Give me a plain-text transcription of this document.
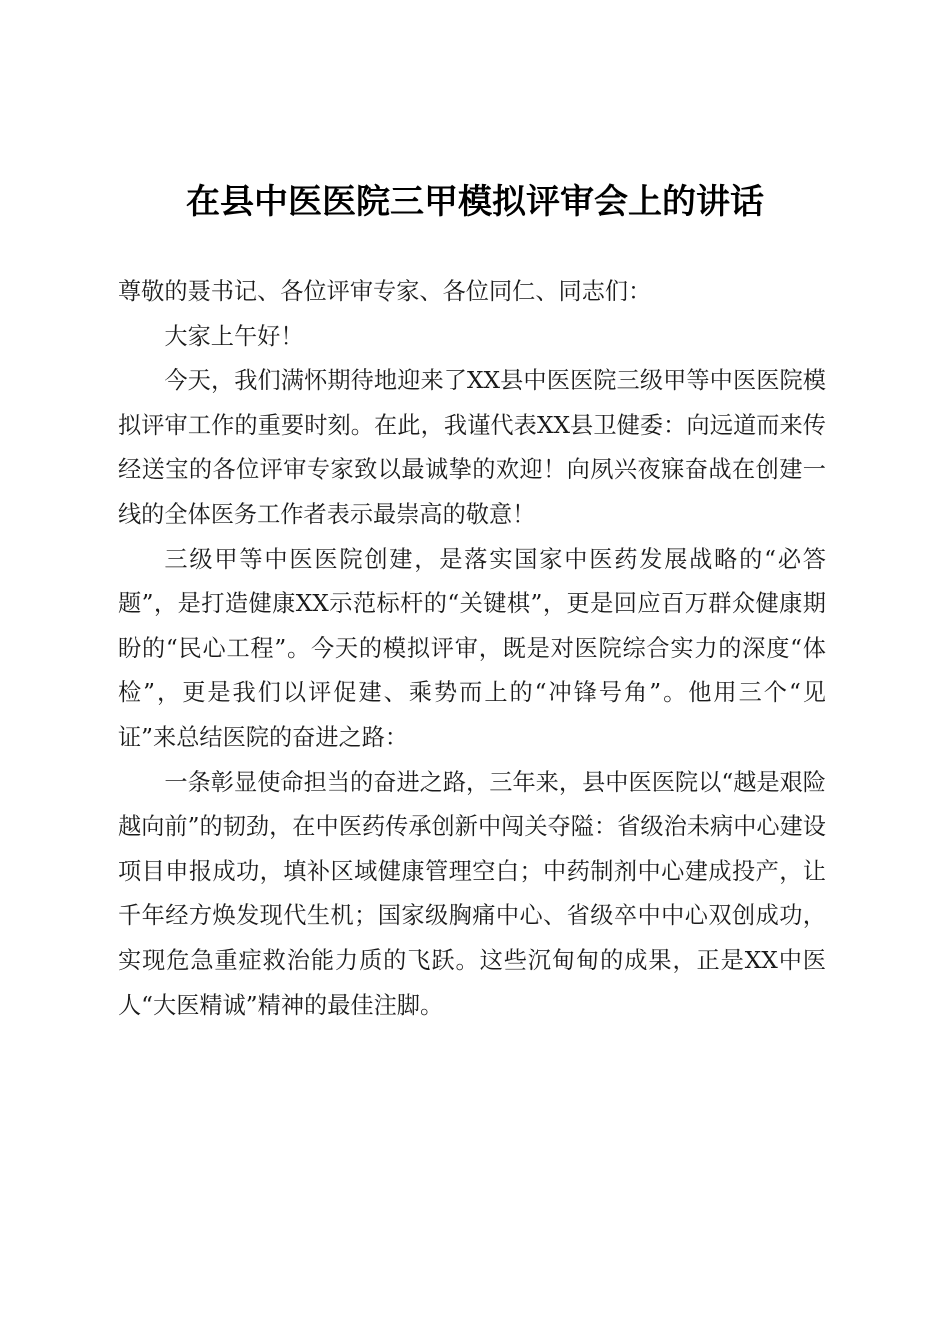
在县中医医院三甲模拟评审会上的讲话

尊敬的聂书记、各位评审专家、各位同仁、同志们：

大家上午好！

今天，我们满怀期待地迎来了XX县中医医院三级甲等中医医院模拟评审工作的重要时刻。在此，我谨代表XX县卫健委：向远道而来传经送宝的各位评审专家致以最诚挚的欢迎！向夙兴夜寐奋战在创建一线的全体医务工作者表示最崇高的敬意！

三级甲等中医医院创建，是落实国家中医药发展战略的“必答题”，是打造健康XX示范标杆的“关键棋”，更是回应百万群众健康期盼的“民心工程”。今天的模拟评审，既是对医院综合实力的深度“体检”，更是我们以评促建、乘势而上的“冲锋号角”。他用三个“见证”来总结医院的奋进之路：

一条彰显使命担当的奋进之路，三年来，县中医医院以“越是艰险越向前”的韧劲，在中医药传承创新中闯关夺隘：省级治未病中心建设项目申报成功，填补区域健康管理空白；中药制剂中心建成投产，让千年经方焕发现代生机；国家级胸痛中心、省级卒中中心双创成功，实现危急重症救治能力质的飞跃。这些沉甸甸的成果，正是XX中医人“大医精诚”精神的最佳注脚。
